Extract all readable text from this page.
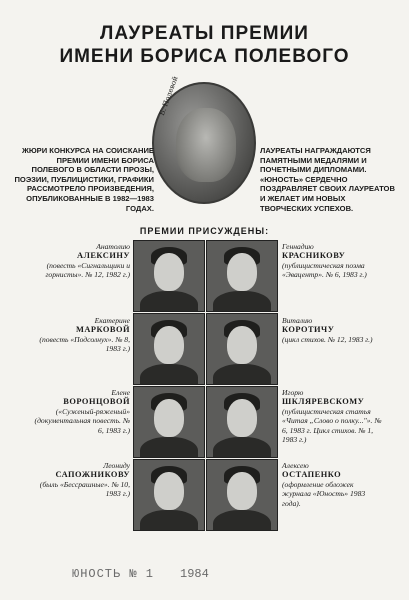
ЛАУРЕАТЫ ПРЕМИИ
ИМЕНИ БОРИСА ПОЛЕВОГО
Б. Полевой
ЖЮРИ КОНКУРСА НА СОИСКАНИЕ ПРЕМИИ ИМЕНИ БОРИСА ПОЛЕВОГО В ОБЛАСТИ ПРОЗЫ, ПОЭЗИИ, ПУБЛИЦИСТИКИ, ГРАФИКИ РАССМОТРЕЛО ПРОИЗВЕДЕНИЯ, ОПУБЛИКОВАННЫЕ В 1982—1983 ГОДАХ.
ЛАУРЕАТЫ НАГРАЖДАЮТСЯ ПАМЯТНЫМИ МЕДАЛЯМИ И ПОЧЕТНЫМИ ДИПЛОМАМИ. «ЮНОСТЬ» СЕРДЕЧНО ПОЗДРАВЛЯЕТ СВОИХ ЛАУРЕАТОВ И ЖЕЛАЕТ ИМ НОВЫХ ТВОРЧЕСКИХ УСПЕХОВ.
ПРЕМИИ ПРИСУЖДЕНЫ:
Анатолию
АЛЕКСИНУ
(повесть «Сигнальщики и горнисты». № 12, 1982 г.)
Геннадию
КРАСНИКОВУ
(публицистическая поэма «Эвацентр». № 6, 1983 г.)
Екатерине
МАРКОВОЙ
(повесть «Подсолнух». № 8, 1983 г.)
Виталию
КОРОТИЧУ
(цикл стихов. № 12, 1983 г.)
Елене
ВОРОНЦОВОЙ
(«Суженый-ряженый» (документальная повесть. № 6, 1983 г.)
Игорю
ШКЛЯРЕВСКОМУ
(публицистическая статья «Читая „Слово о полку..."». № 6, 1983 г. Цикл стихов. № 1, 1983 г.)
Леониду
САПОЖНИКОВУ
(быль «Бессрашные». № 10, 1983 г.)
Алексею
ОСТАПЕНКО
(оформление обложек журнала «Юность» 1983 года).
ЮНОСТЬ № 1 1984
